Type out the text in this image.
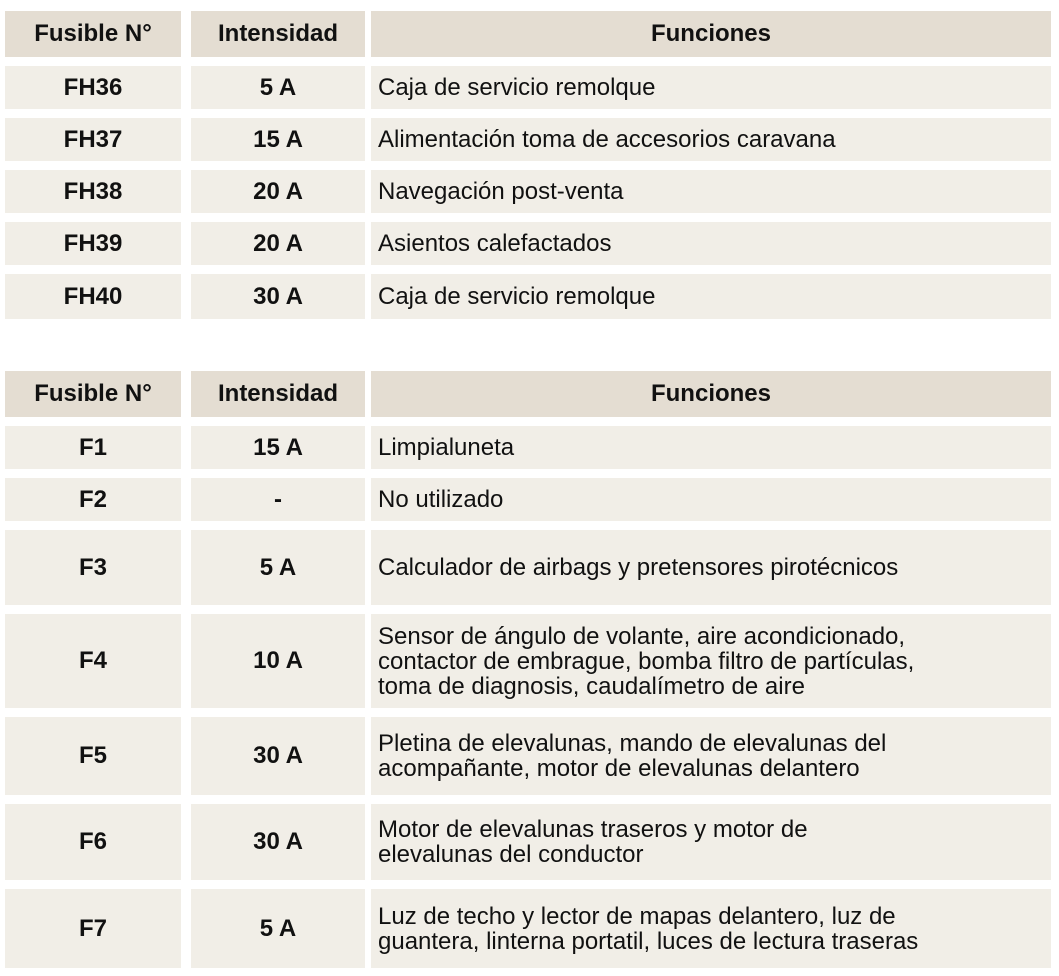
Fusible N°	Intensidad	Funciones
FH36	5 A	Caja de servicio remolque
FH37	15 A	Alimentación toma de accesorios caravana
FH38	20 A	Navegación post-venta
FH39	20 A	Asientos calefactados
FH40	30 A	Caja de servicio remolque
Fusible N°	Intensidad	Funciones
F1	15 A	Limpialuneta
F2	-	No utilizado
F3	5 A	Calculador de airbags y pretensores pirotécnicos
F4	10 A
Sensor de ángulo de volante, aire acondicionado,
contactor de embrague, bomba filtro de partículas,
toma de diagnosis, caudalímetro de aire
F5	30 A	Pletina de elevalunas, mando de elevalunas del
acompañante, motor de elevalunas delantero
F6	30 A	Motor de elevalunas traseros y motor de
elevalunas del conductor
F7	5 A	Luz de techo y lector de mapas delantero, luz de
guantera, linterna portatil, luces de lectura traseras
